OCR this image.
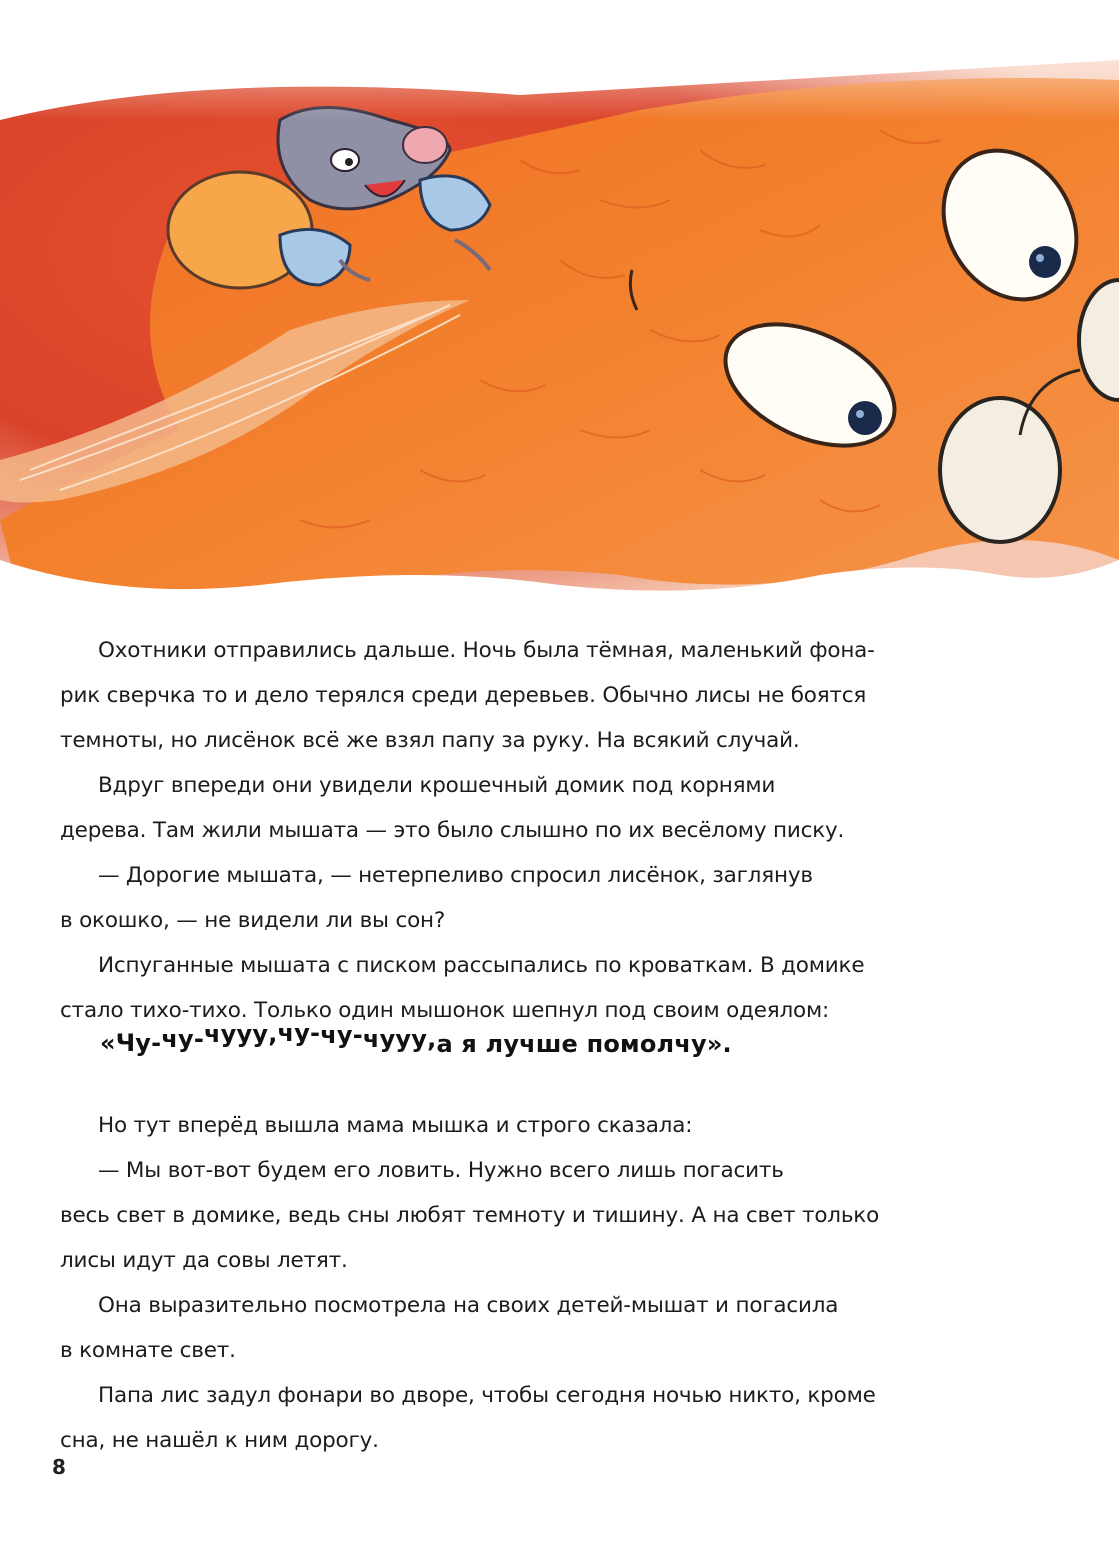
Охотники отправились дальше. Ночь была тёмная, маленький фона-
рик сверчка то и дело терялся среди деревьев. Обычно лисы не боятся
темноты, но лисёнок всё же взял папу за руку. На всякий случай.

Вдруг впереди они увидели крошечный домик под корнями
дерева. Там жили мышата — это было слышно по их весёлому писку.

— Дорогие мышата, — нетерпеливо спросил лисёнок, заглянув
в окошко, — не видели ли вы сон?

Испуганные мышата с писком рассыпались по кроваткам. В домике
стало тихо-тихо. Только один мышонок шепнул под своим одеялом:

«Чу-чу-чууу,чу-чу-чууу,а я лучше помолчу».

Но тут вперёд вышла мама мышка и строго сказала:

— Мы вот-вот будем его ловить. Нужно всего лишь погасить
весь свет в домике, ведь сны любят темноту и тишину. А на свет только
лисы идут да совы летят.

Она выразительно посмотрела на своих детей-мышат и погасила
в комнате свет.

Папа лис задул фонари во дворе, чтобы сегодня ночью никто, кроме
сна, не нашёл к ним дорогу.

8
